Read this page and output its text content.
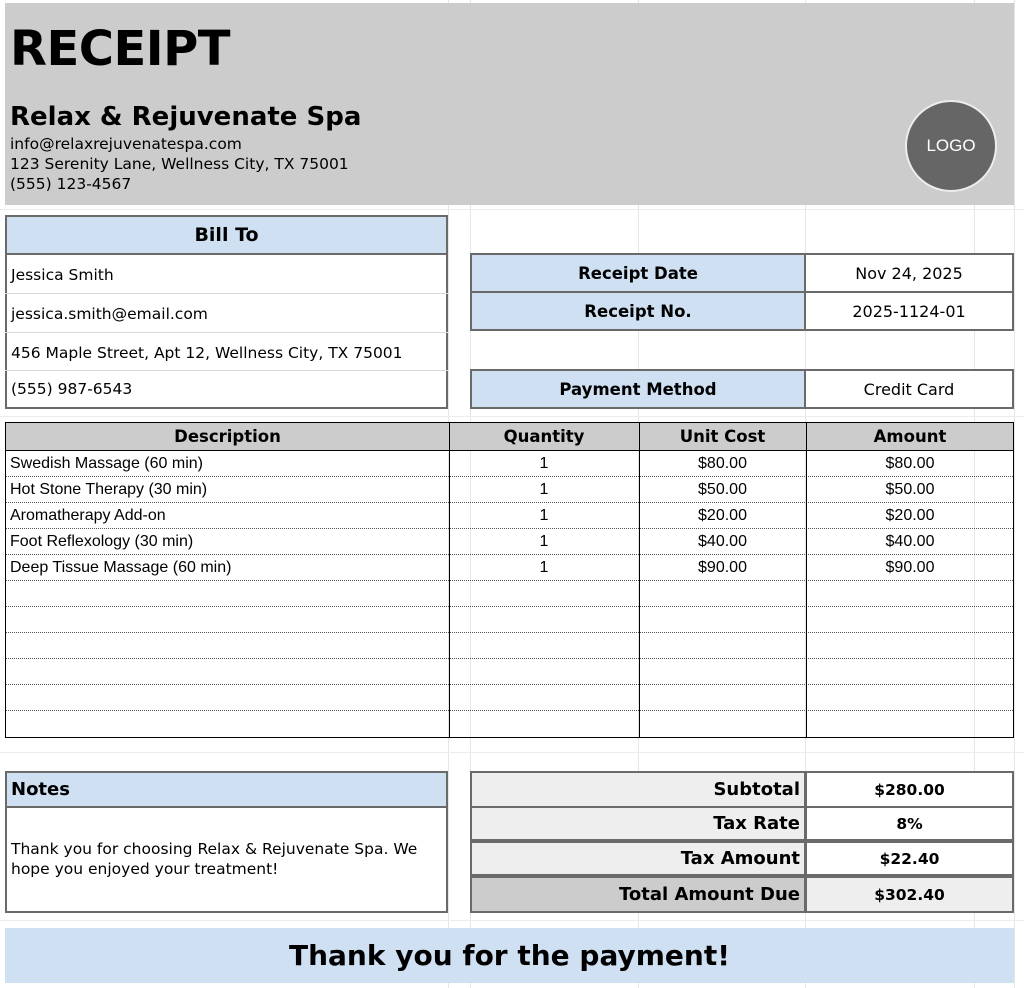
RECEIPT
Relax & Rejuvenate Spa
info@relaxrejuvenatespa.com
123 Serenity Lane, Wellness City, TX 75001
(555) 123-4567
LOGO
Bill To
Jessica Smith
jessica.smith@email.com
456 Maple Street, Apt 12, Wellness City, TX 75001
(555) 987-6543
Receipt Date	Nov 24, 2025
Receipt No.	2025-1124-01
Payment Method	Credit Card
Description	Quantity	Unit Cost	Amount
Swedish Massage (60 min)	1	$80.00	$80.00
Hot Stone Therapy (30 min)	1	$50.00	$50.00
Aromatherapy Add-on	1	$20.00	$20.00
Foot Reflexology (30 min)	1	$40.00	$40.00
Deep Tissue Massage (60 min)	1	$90.00	$90.00
Notes
Thank you for choosing Relax & Rejuvenate Spa. We hope you enjoyed your treatment!
Subtotal	$280.00
Tax Rate	8%
Tax Amount	$22.40
Total Amount Due	$302.40
Thank you for the payment!
